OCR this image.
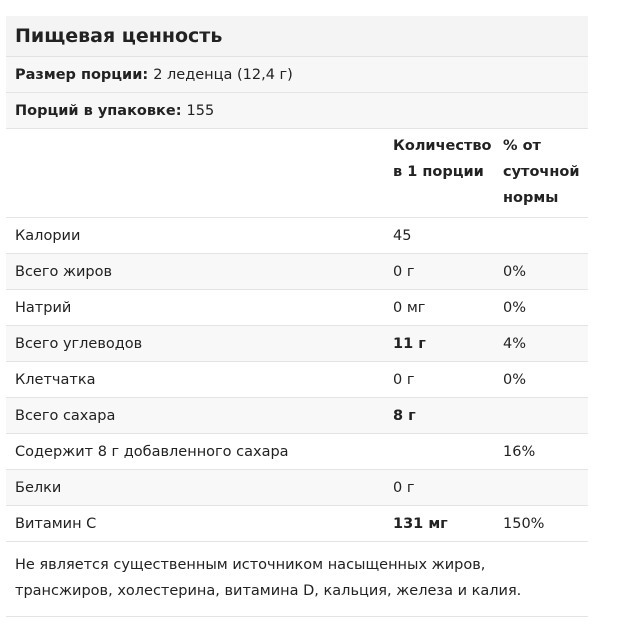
Пищевая ценность
Размер порции: 2 леденца (12,4 г)
Порций в упаковке: 155
	Количество в 1 порции	% от суточной нормы
Калории	45	
Всего жиров	0 г	0%
Натрий	0 мг	0%
Всего углеводов	11 г	4%
Клетчатка	0 г	0%
Всего сахара	8 г	
Содержит 8 г добавленного сахара		16%
Белки	0 г	
Витамин C	131 мг	150%
Не является существенным источником насыщенных жиров, трансжиров, холестерина, витамина D, кальция, железа и калия.
